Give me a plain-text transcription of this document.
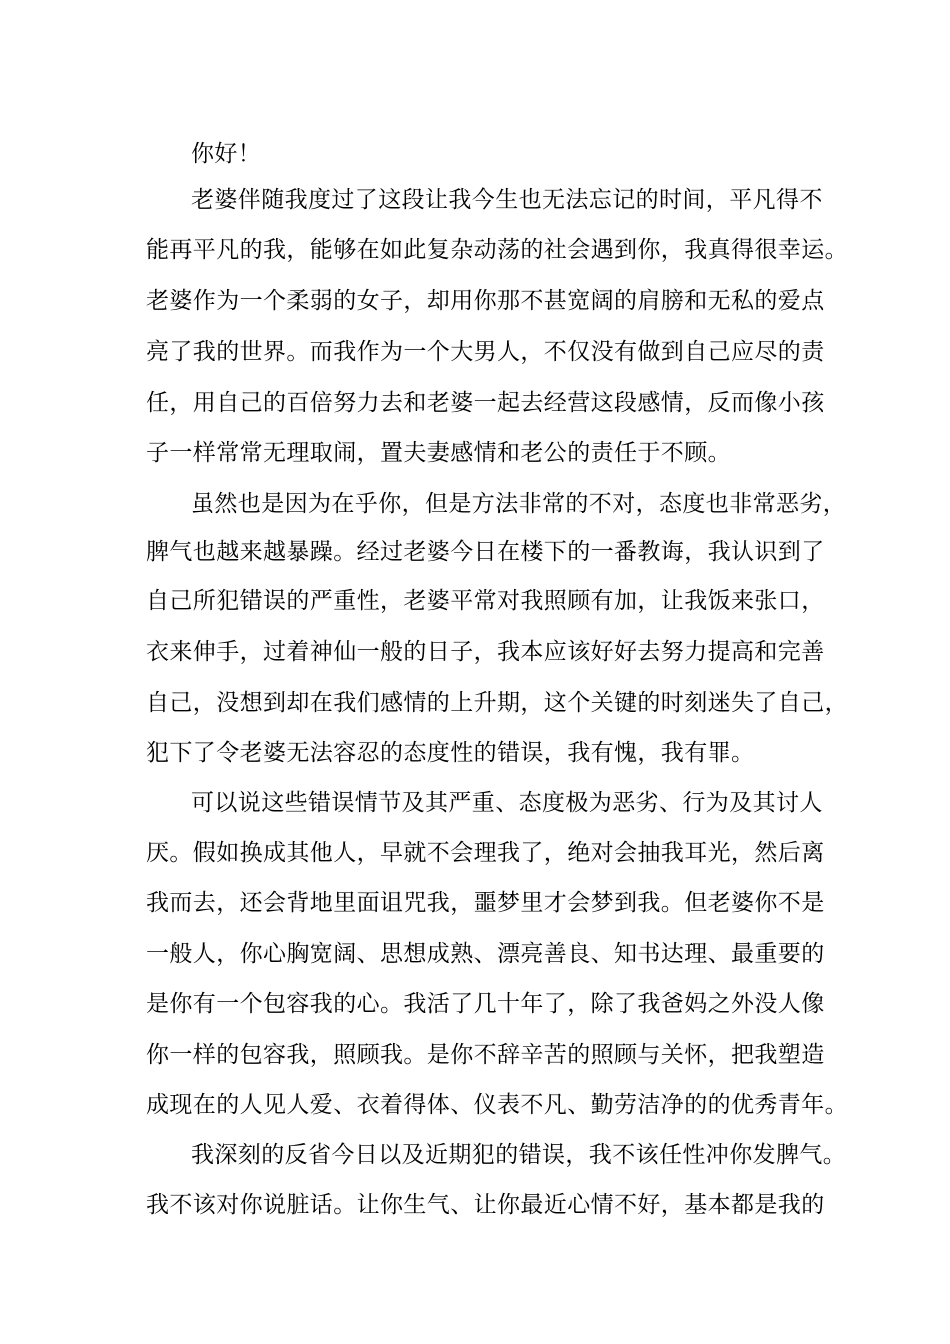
你好！
老婆伴随我度过了这段让我今生也无法忘记的时间，平凡得不
能再平凡的我，能够在如此复杂动荡的社会遇到你，我真得很幸运。
老婆作为一个柔弱的女子，却用你那不甚宽阔的肩膀和无私的爱点
亮了我的世界。而我作为一个大男人，不仅没有做到自己应尽的责
任，用自己的百倍努力去和老婆一起去经营这段感情，反而像小孩
子一样常常无理取闹，置夫妻感情和老公的责任于不顾。
虽然也是因为在乎你，但是方法非常的不对，态度也非常恶劣，
脾气也越来越暴躁。经过老婆今日在楼下的一番教诲，我认识到了
自己所犯错误的严重性，老婆平常对我照顾有加，让我饭来张口，
衣来伸手，过着神仙一般的日子，我本应该好好去努力提高和完善
自己，没想到却在我们感情的上升期，这个关键的时刻迷失了自己，
犯下了令老婆无法容忍的态度性的错误，我有愧，我有罪。
可以说这些错误情节及其严重、态度极为恶劣、行为及其讨人
厌。假如换成其他人，早就不会理我了，绝对会抽我耳光，然后离
我而去，还会背地里面诅咒我，噩梦里才会梦到我。但老婆你不是
一般人，你心胸宽阔、思想成熟、漂亮善良、知书达理、最重要的
是你有一个包容我的心。我活了几十年了，除了我爸妈之外没人像
你一样的包容我，照顾我。是你不辞辛苦的照顾与关怀，把我塑造
成现在的人见人爱、衣着得体、仪表不凡、勤劳洁净的的优秀青年。
我深刻的反省今日以及近期犯的错误，我不该任性冲你发脾气。
我不该对你说脏话。让你生气、让你最近心情不好，基本都是我的
